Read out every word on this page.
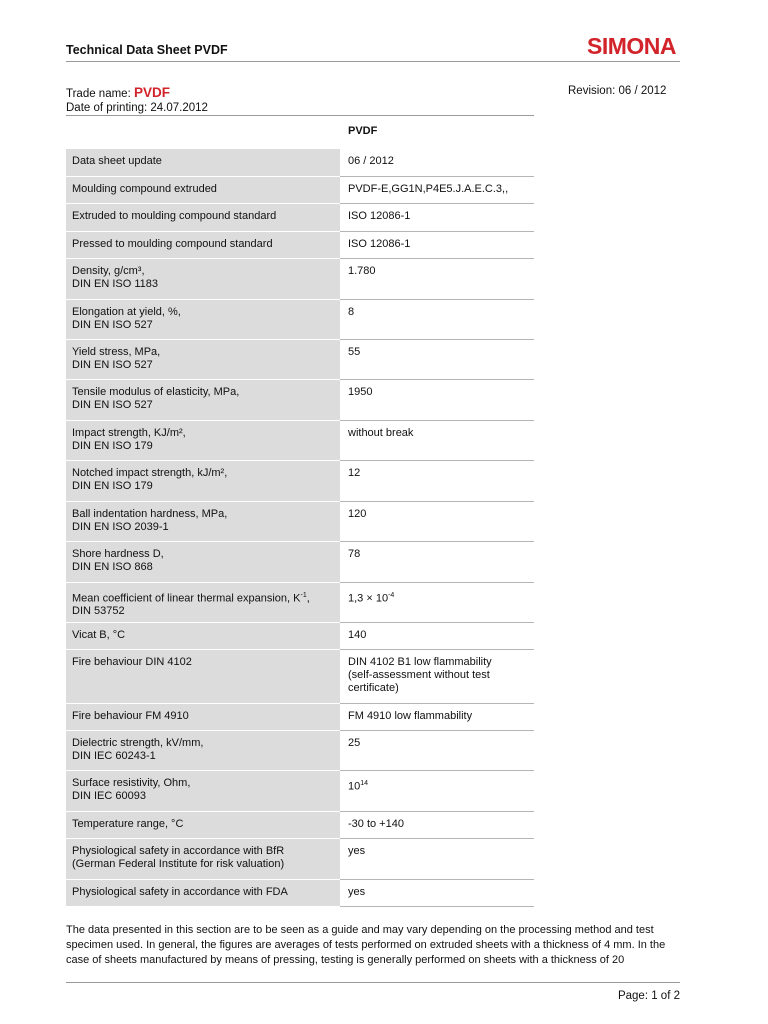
Technical Data Sheet PVDF	SIMONA
Trade name: PVDF
Date of printing: 24.07.2012
Revision: 06 / 2012
PVDF
Data sheet update	06 / 2012
Moulding compound extruded	PVDF-E,GG1N,P4E5.J.A.E.C.3,,
Extruded to moulding compound standard	ISO 12086-1
Pressed to moulding compound standard	ISO 12086-1
Density, g/cm³,
DIN EN ISO 1183	1.780
Elongation at yield, %,
DIN EN ISO 527	8
Yield stress, MPa,
DIN EN ISO 527	55
Tensile modulus of elasticity, MPa,
DIN EN ISO 527	1950
Impact strength, KJ/m²,
DIN EN ISO 179	without break
Notched impact strength, kJ/m²,
DIN EN ISO 179	12
Ball indentation hardness, MPa,
DIN EN ISO 2039-1	120
Shore hardness D,
DIN EN ISO 868	78
Mean coefficient of linear thermal expansion, $K^{-1}$,
DIN 53752	$1,3 \times 10^{-4}$
Vicat B, °C	140
Fire behaviour DIN 4102	DIN 4102 B1 low flammability
(self-assessment without test
certificate)
Fire behaviour FM 4910	FM 4910 low flammability
Dielectric strength, kV/mm,
DIN IEC 60243-1	25
Surface resistivity, Ohm,
DIN IEC 60093	$10^{14}$
Temperature range, °C	-30 to +140
Physiological safety in accordance with BfR
(German Federal Institute for risk valuation)	yes
Physiological safety in accordance with FDA	yes
The data presented in this section are to be seen as a guide and may vary depending on the processing method and test specimen used. In general, the figures are averages of tests performed on extruded sheets with a thickness of 4 mm. In the case of sheets manufactured by means of pressing, testing is generally performed on sheets with a thickness of 20
Page: 1 of 2
